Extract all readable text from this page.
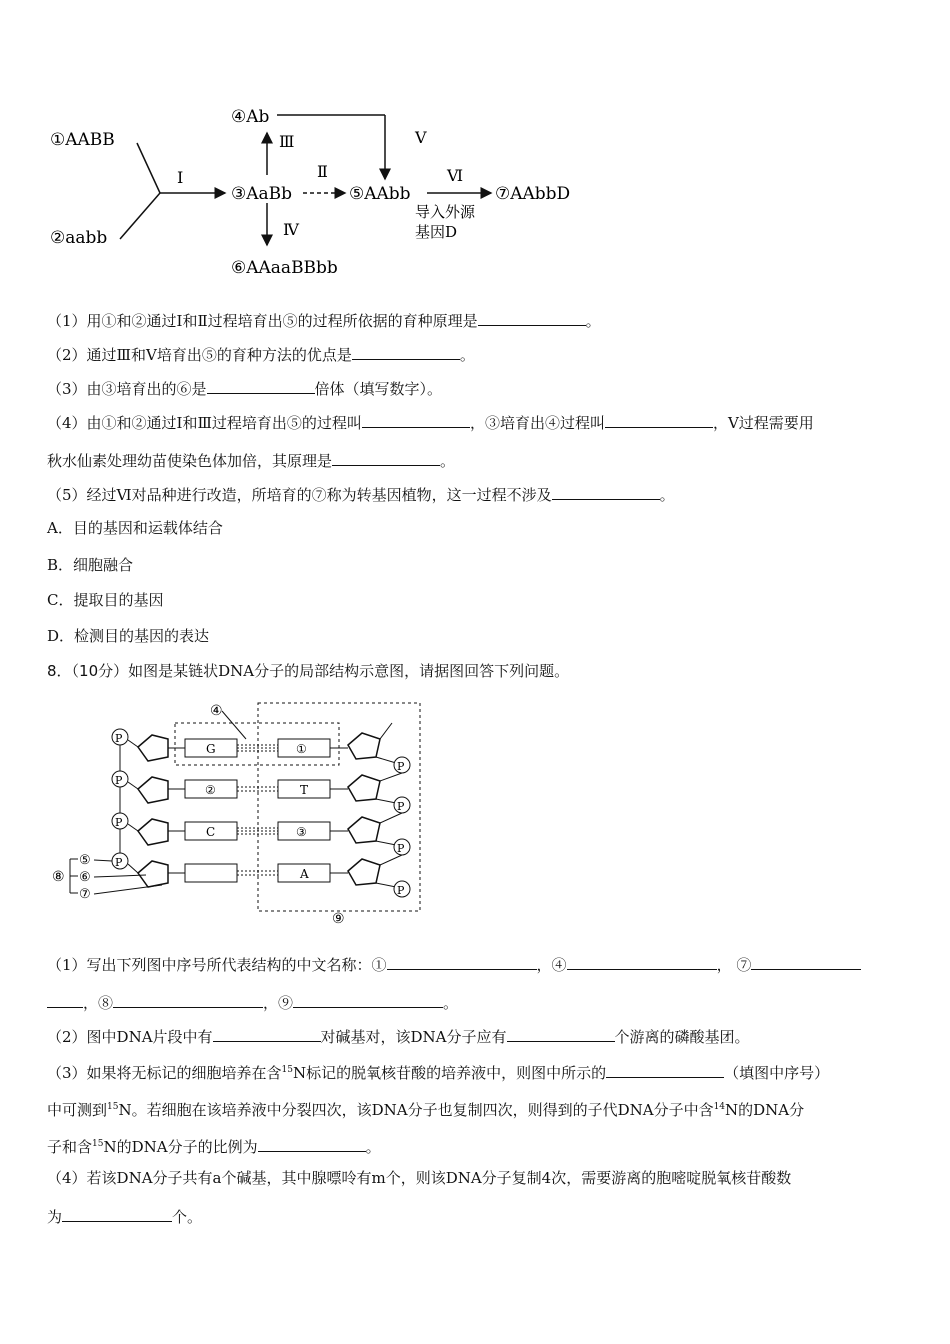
①AABB
②aabb
Ⅰ
③AaBb
④Ab
Ⅲ
Ⅳ
⑥AAaaBBbb
Ⅱ
Ⅴ
⑤AAbb
Ⅵ
导入外源
基因D
⑦AAbbD
（1）用①和②通过Ⅰ和Ⅱ过程培育出⑤的过程所依据的育种原理是	。
（2）通过Ⅲ和Ⅴ培育出⑤的育种方法的优点是	。
（3）由③培育出的⑥是	倍体（填写数字）。
（4）由①和②通过Ⅰ和Ⅲ过程培育出⑤的过程叫	，③培育出④过程叫	，Ⅴ过程需要用
秋水仙素处理幼苗使染色体加倍，其原理是	。
（5）经过Ⅵ对品种进行改造，所培育的⑦称为转基因植物，这一过程不涉及	。
A．目的基因和运载体结合
B．细胞融合
C．提取目的基因
D．检测目的基因的表达
8．（10分）如图是某链状DNA分子的局部结构示意图，请据图回答下列问题。
④
⑨
P
G
P
②
P
C
P
⑧
⑤
⑥
⑦
①
P
T
P
③
P
A
P
（1）写出下列图中序号所代表结构的中文名称：①	，④	， ⑦
，⑧	，⑨	。
（2）图中DNA片段中有	对碱基对，该DNA分子应有	个游离的磷酸基团。
（3）如果将无标记的细胞培养在含$^{15}$N标记的脱氧核苷酸的培养液中，则图中所示的	（填图中序号）
中可测到$^{15}$N。若细胞在该培养液中分裂四次，该DNA分子也复制四次，则得到的子代DNA分子中含$^{14}$N的DNA分
子和含$^{15}$N的DNA分子的比例为	。
（4）若该DNA分子共有a个碱基，其中腺嘌呤有m个，则该DNA分子复制4次，需要游离的胞嘧啶脱氧核苷酸数
为	个。
